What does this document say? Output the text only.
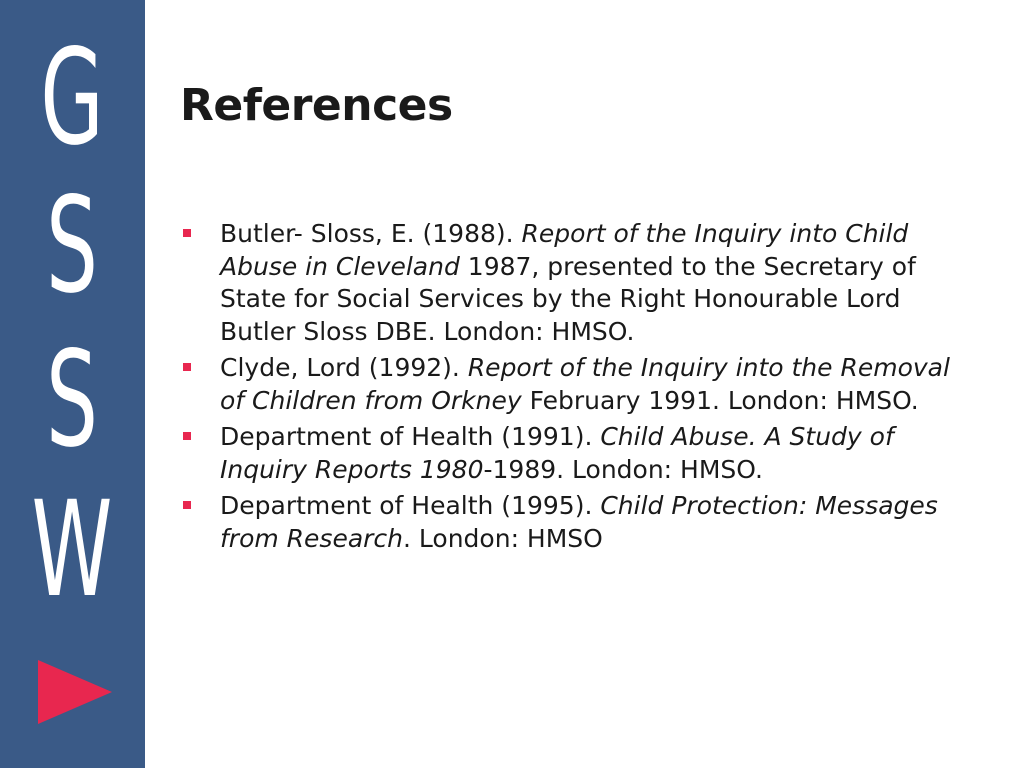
G
S
S
W
References
Butler- Sloss, E. (1988). Report of the Inquiry into Child Abuse in Cleveland 1987, presented to the Secretary of State for Social Services by the Right Honourable Lord Butler Sloss DBE. London: HMSO.
Clyde, Lord (1992). Report of the Inquiry into the Removal of Children from Orkney February 1991. London: HMSO.
Department of Health (1991). Child Abuse. A Study of Inquiry Reports 1980-1989. London: HMSO.
Department of Health (1995). Child Protection: Messages from Research. London: HMSO
